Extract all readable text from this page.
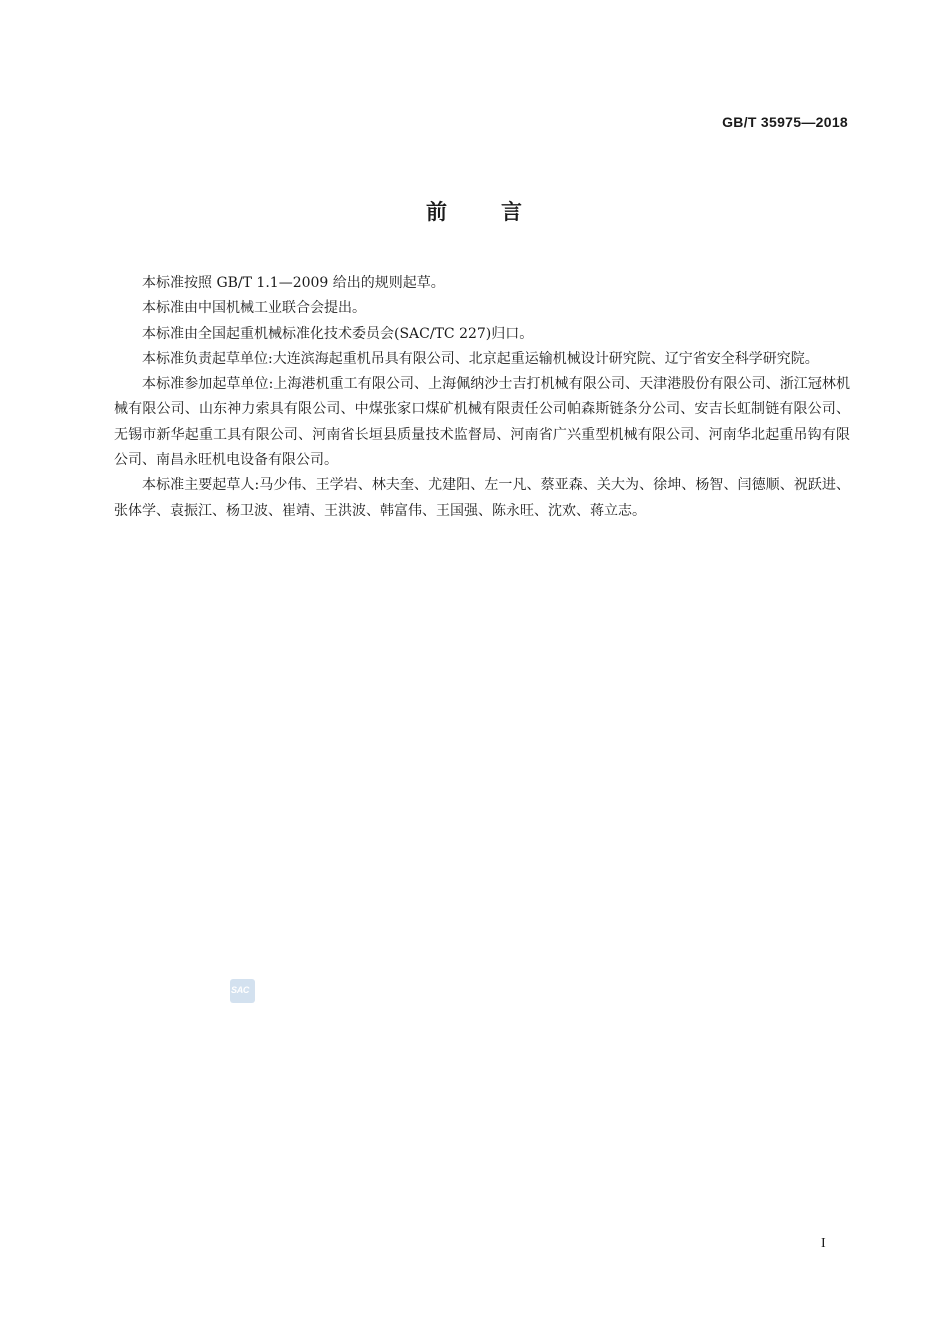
GB/T 35975—2018
前 言

本标准按照 GB/T 1.1—2009 给出的规则起草。

本标准由中国机械工业联合会提出。

本标准由全国起重机械标准化技术委员会(SAC/TC 227)归口。

本标准负责起草单位:大连滨海起重机吊具有限公司、北京起重运输机械设计研究院、辽宁省安全科学研究院。

本标准参加起草单位:上海港机重工有限公司、上海佩纳沙士吉打机械有限公司、天津港股份有限公司、浙江冠林机械有限公司、山东神力索具有限公司、中煤张家口煤矿机械有限责任公司帕森斯链条分公司、安吉长虹制链有限公司、无锡市新华起重工具有限公司、河南省长垣县质量技术监督局、河南省广兴重型机械有限公司、河南华北起重吊钩有限公司、南昌永旺机电设备有限公司。

本标准主要起草人:马少伟、王学岩、林夫奎、尤建阳、左一凡、蔡亚森、关大为、徐坤、杨智、闫德顺、祝跃进、张体学、袁振江、杨卫波、崔靖、王洪波、韩富伟、王国强、陈永旺、沈欢、蒋立志。

SAC
I
